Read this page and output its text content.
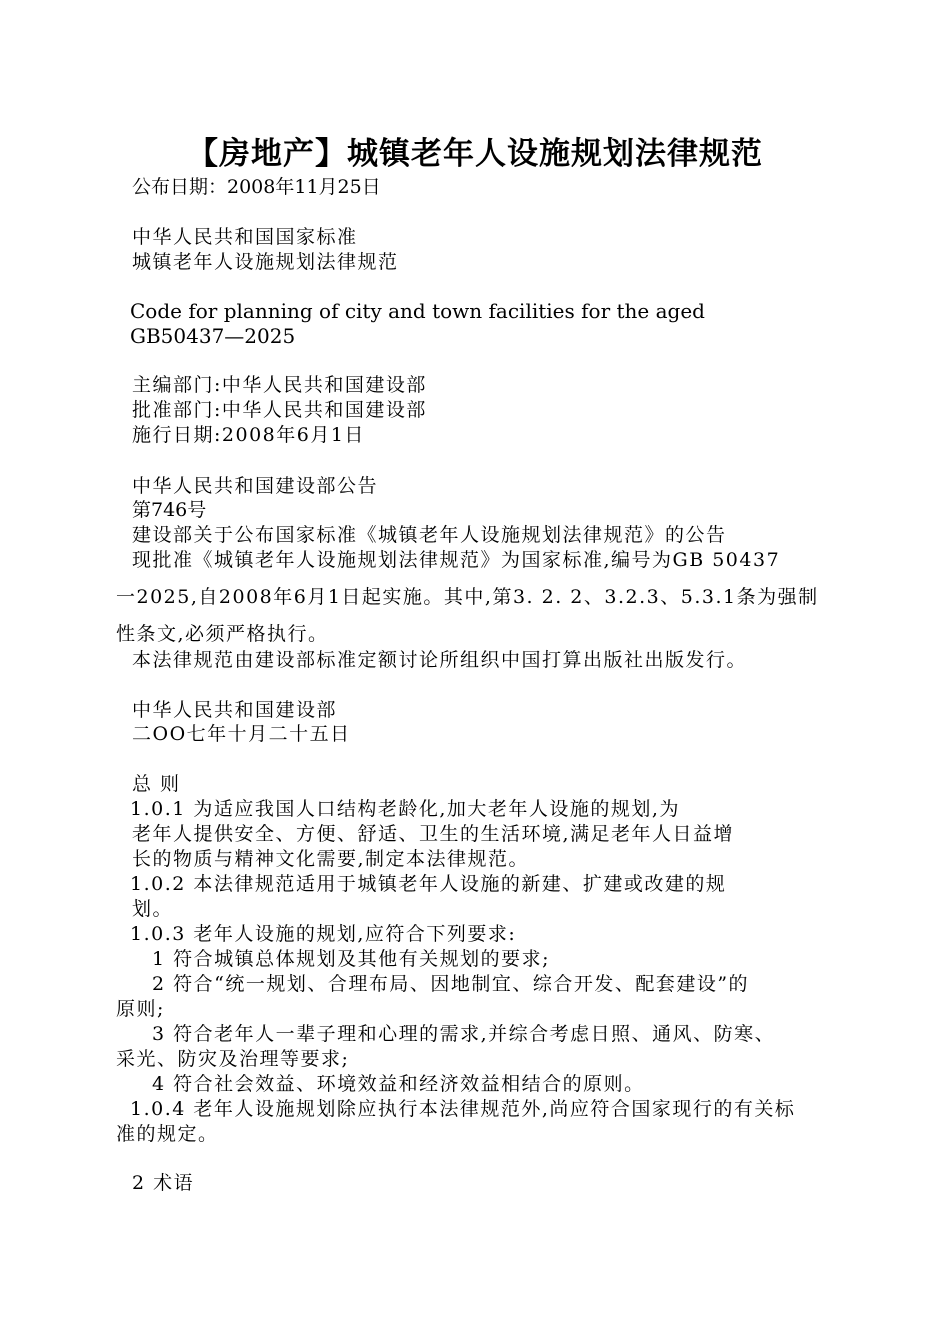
【房地产】城镇老年人设施规划法律规范
公布日期：2008年11月25日
中华人民共和国国家标准
城镇老年人设施规划法律规范
Code for planning of city and town facilities for the aged
GB50437—2025
主编部门:中华人民共和国建设部
批准部门:中华人民共和国建设部
施行日期:2008年6月1日
中华人民共和国建设部公告
第746号
建设部关于公布国家标准《城镇老年人设施规划法律规范》的公告
现批准《城镇老年人设施规划法律规范》为国家标准,编号为GB 50437
一2025,自2008年6月1日起实施。其中,第3. 2. 2、3.2.3、5.3.1条为强制
性条文,必须严格执行。
本法律规范由建设部标准定额讨论所组织中国打算出版社出版发行。
中华人民共和国建设部
二OO七年十月二十五日
总 则
1.0.1 为适应我国人口结构老龄化,加大老年人设施的规划,为
老年人提供安全、方便、舒适、卫生的生活环境,满足老年人日益增
长的物质与精神文化需要,制定本法律规范。
1.0.2 本法律规范适用于城镇老年人设施的新建、扩建或改建的规
划。
1.0.3 老年人设施的规划,应符合下列要求:
1 符合城镇总体规划及其他有关规划的要求;
2 符合“统一规划、合理布局、因地制宜、综合开发、配套建设”的
原则;
3 符合老年人一辈子理和心理的需求,并综合考虑日照、通风、防寒、
采光、防灾及治理等要求;
4 符合社会效益、环境效益和经济效益相结合的原则。
1.0.4 老年人设施规划除应执行本法律规范外,尚应符合国家现行的有关标
准的规定。
2 术语
